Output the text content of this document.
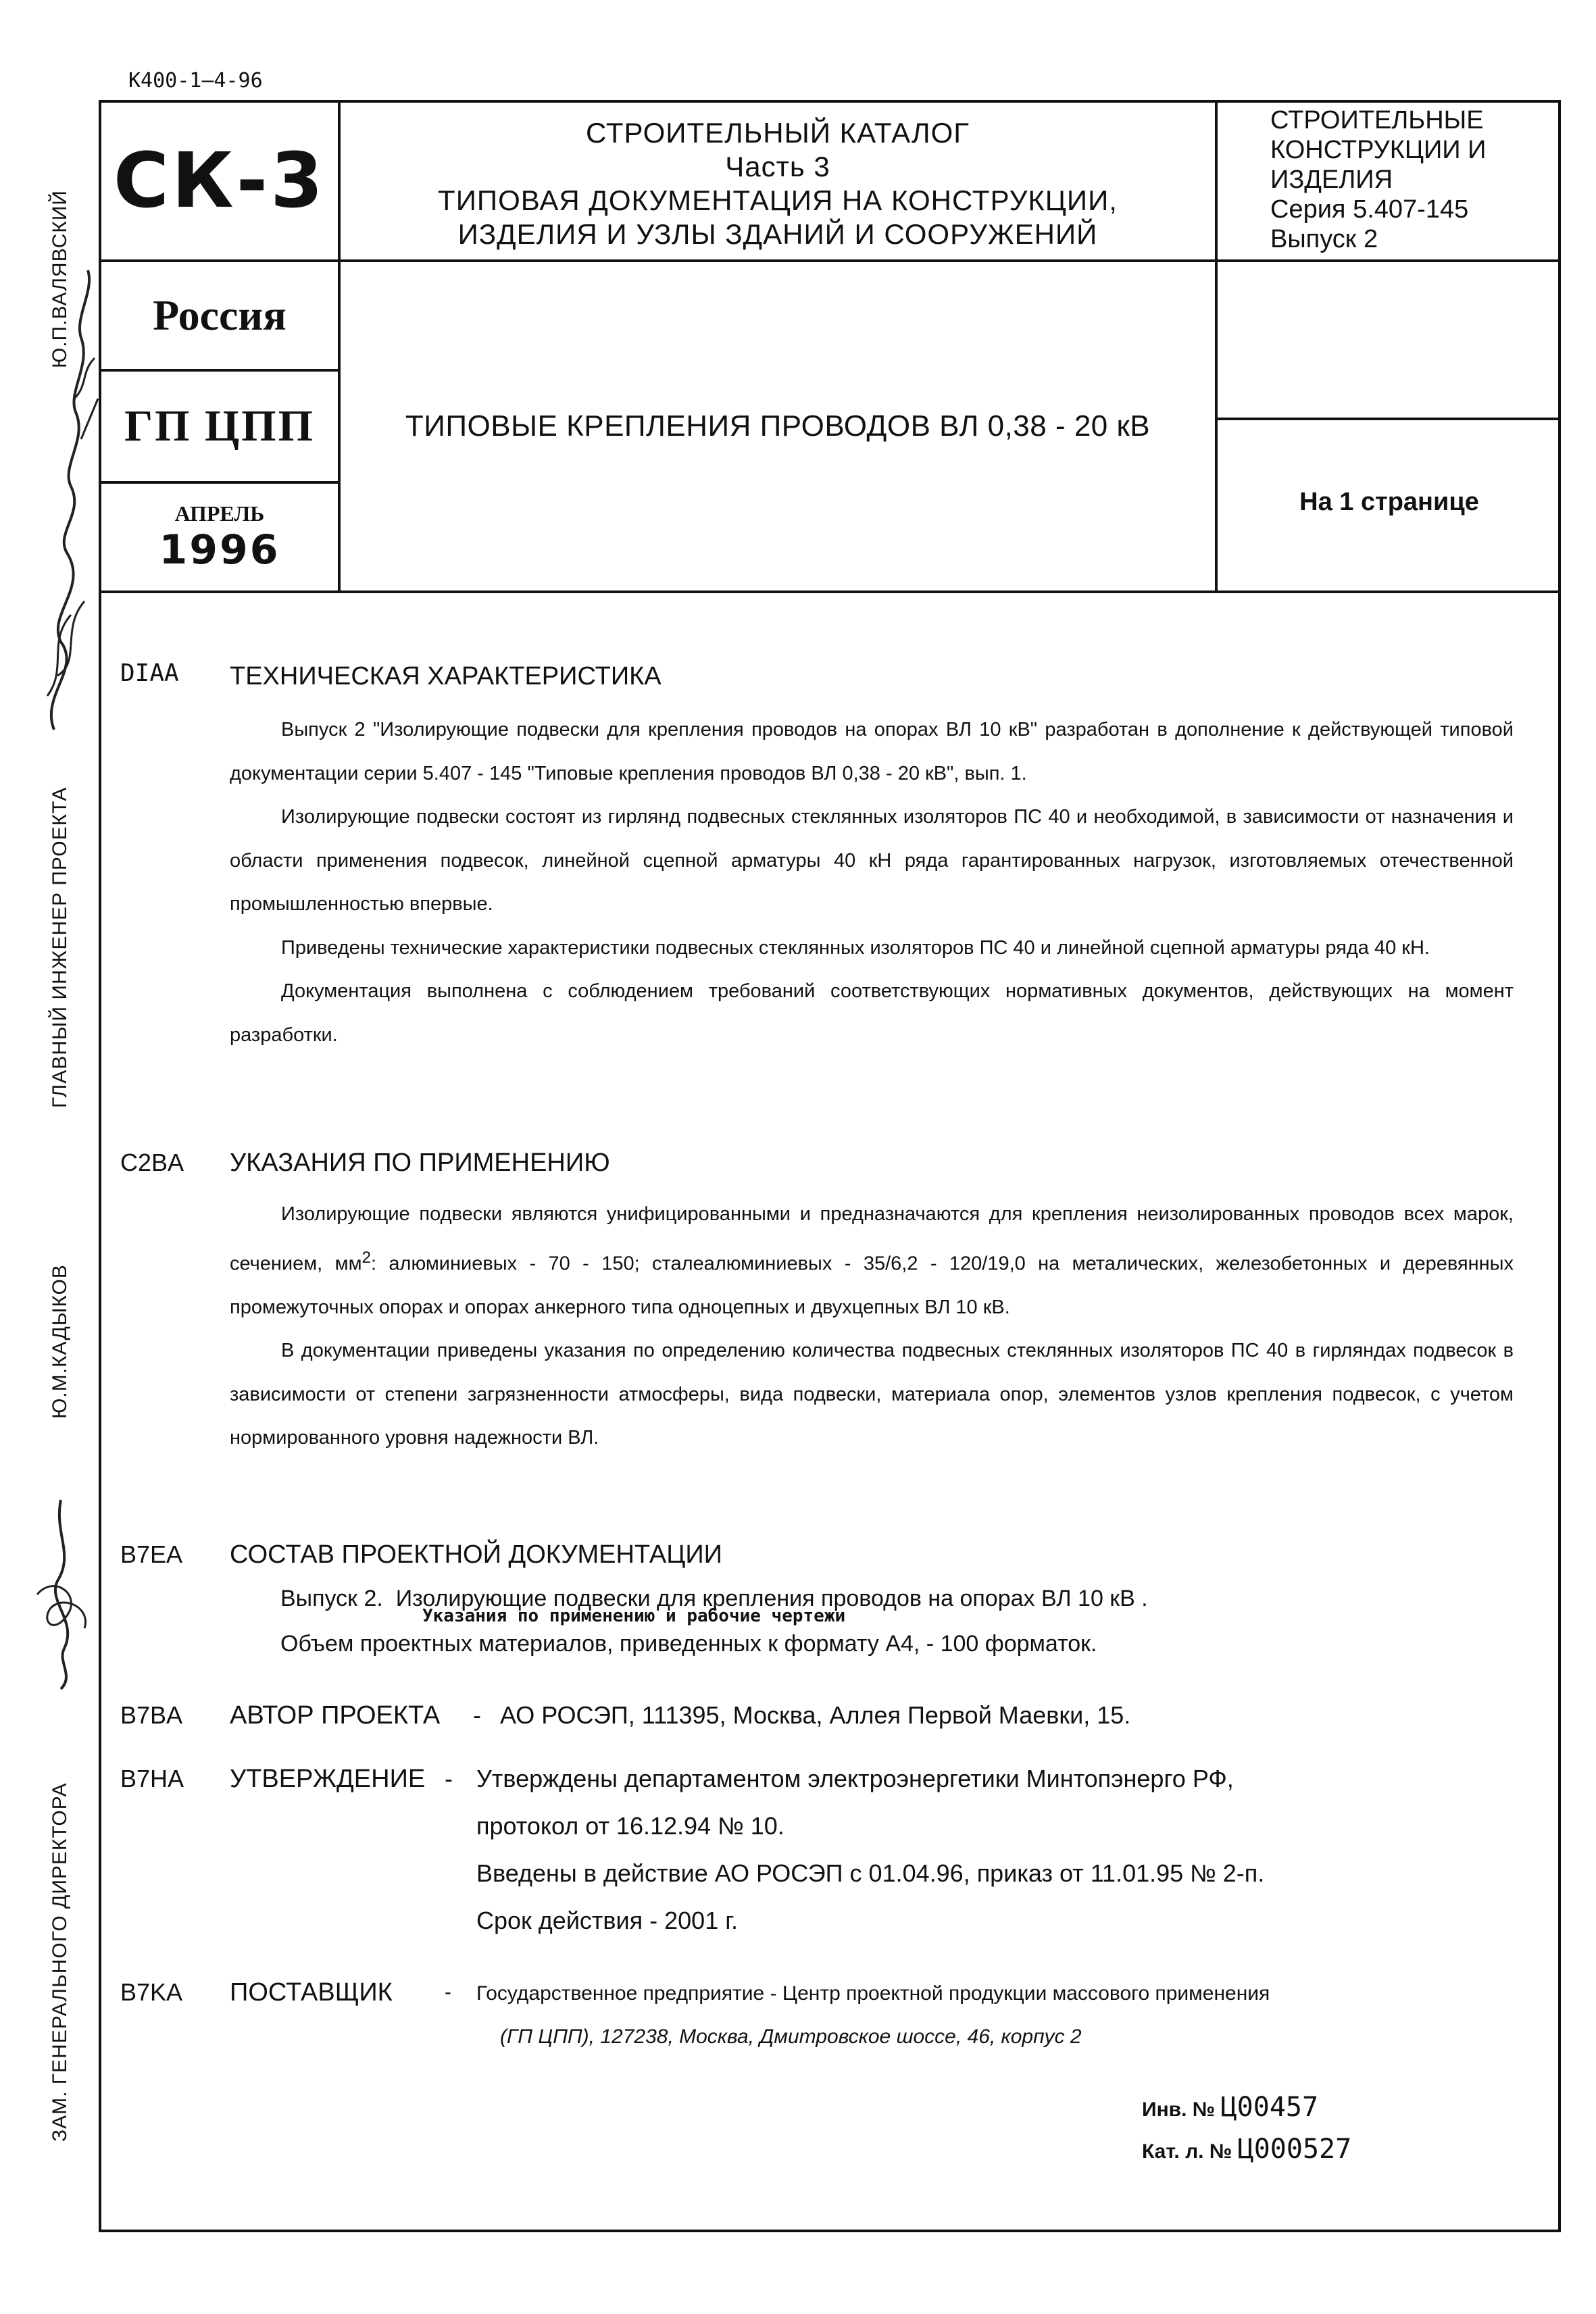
К400-1—4-96
СК-3
Россия
ГП ЦПП
АПРЕЛЬ
1996
СТРОИТЕЛЬНЫЙ КАТАЛОГ
Часть 3
ТИПОВАЯ ДОКУМЕНТАЦИЯ НА КОНСТРУКЦИИ,
ИЗДЕЛИЯ И УЗЛЫ ЗДАНИЙ И СООРУЖЕНИЙ
ТИПОВЫЕ КРЕПЛЕНИЯ ПРОВОДОВ ВЛ 0,38 - 20 кВ
СТРОИТЕЛЬНЫЕ
КОНСТРУКЦИИ И
ИЗДЕЛИЯ
Серия 5.407-145
Выпуск 2
На 1 странице
Ю.П.ВАЛЯВСКИЙ
ГЛАВНЫЙ ИНЖЕНЕР ПРОЕКТА
Ю.М.КАДЫКОВ
ЗАМ. ГЕНЕРАЛЬНОГО ДИРЕКТОРА
DIAA ТЕХНИЧЕСКАЯ ХАРАКТЕРИСТИКА

Выпуск 2 "Изолирующие подвески для крепления проводов на опорах ВЛ 10 кВ" разработан в дополнение к действующей типовой документации серии 5.407 - 145 "Типовые крепления проводов ВЛ 0,38 - 20 кВ", вып. 1.

Изолирующие подвески состоят из гирлянд подвесных стеклянных изоляторов ПС 40 и необходимой, в зависимости от назначения и области применения подвесок, линейной сцепной арматуры 40 кН ряда гарантированных нагрузок, изготовляемых отечественной промышленностью впервые.

Приведены технические характеристики подвесных стеклянных изоляторов ПС 40 и линейной сцепной арматуры ряда 40 кН.

Документация выполнена с соблюдением требований соответствующих нормативных документов, действующих на момент разработки.

C2BA УКАЗАНИЯ ПО ПРИМЕНЕНИЮ

Изолирующие подвески являются унифицированными и предназначаются для крепления неизолированных проводов всех марок, сечением, $мм^2$: алюминиевых - 70 - 150; сталеалюминиевых - 35/6,2 - 120/19,0 на металических, железобетонных и деревянных промежуточных опорах и опорах анкерного типа одноцепных и двухцепных ВЛ 10 кВ.

В документации приведены указания по определению количества подвесных стеклянных изоляторов ПС 40 в гирляндах подвесок в зависимости от степени загрязненности атмосферы, вида подвески, материала опор, элементов узлов крепления подвесок, с учетом нормированного уровня надежности ВЛ.

B7EA СОСТАВ ПРОЕКТНОЙ ДОКУМЕНТАЦИИ
Выпуск 2.  Изолирующие подвески для крепления проводов на опорах ВЛ 10 кВ .
Указания по применению и рабочие чертежи
Объем проектных материалов, приведенных к формату А4, - 100 форматок.
B7BA АВТОР ПРОЕКТА - АО РОСЭП, 111395, Москва, Аллея Первой Маевки, 15.
B7HA УТВЕРЖДЕНИЕ - Утверждены департаментом электроэнергетики Минтопэнерго РФ,
протокол от 16.12.94 № 10.
Введены в действие АО РОСЭП с 01.04.96, приказ от 11.01.95 № 2-п.
Срок действия - 2001 г.
B7KA ПОСТАВЩИК	- Государственное предприятие - Центр проектной продукции массового применения
(ГП ЦПП), 127238, Москва, Дмитровское шоссе, 46, корпус 2
Инв. № Ц00457
Кат. л. № Ц000527
